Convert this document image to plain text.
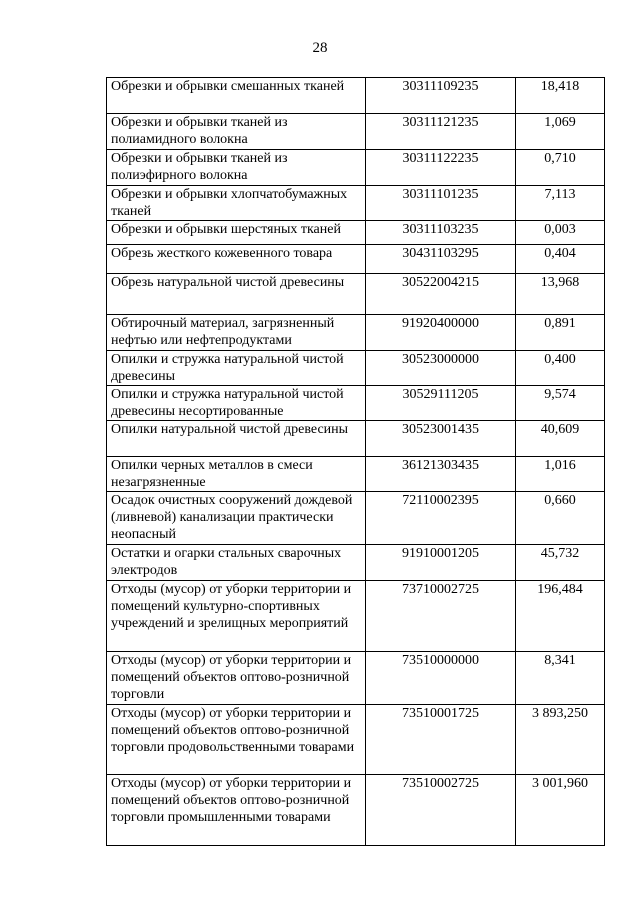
28
Обрезки и обрывки смешанных тканей	30311109235	18,418
Обрезки и обрывки тканей из полиамидного волокна	30311121235	1,069
Обрезки и обрывки тканей из полиэфирного волокна	30311122235	0,710
Обрезки и обрывки хлопчатобумажных тканей	30311101235	7,113
Обрезки и обрывки шерстяных тканей	30311103235	0,003
Обрезь жесткого кожевенного товара	30431103295	0,404
Обрезь натуральной чистой древесины	30522004215	13,968
Обтирочный материал, загрязненный нефтью или нефтепродуктами	91920400000	0,891
Опилки и стружка натуральной чистой древесины	30523000000	0,400
Опилки и стружка натуральной чистой древесины несортированные	30529111205	9,574
Опилки натуральной чистой древесины	30523001435	40,609
Опилки черных металлов в смеси незагрязненные	36121303435	1,016
Осадок очистных сооружений дождевой (ливневой) канализации практически неопасный	72110002395	0,660
Остатки и огарки стальных сварочных электродов	91910001205	45,732
Отходы (мусор) от уборки территории и помещений культурно-спортивных учреждений и зрелищных мероприятий	73710002725	196,484
Отходы (мусор) от уборки территории и помещений объектов оптово-розничной торговли	73510000000	8,341
Отходы (мусор) от уборки территории и помещений объектов оптово-розничной торговли продовольственными товарами	73510001725	3 893,250
Отходы (мусор) от уборки территории и помещений объектов оптово-розничной торговли промышленными товарами	73510002725	3 001,960
